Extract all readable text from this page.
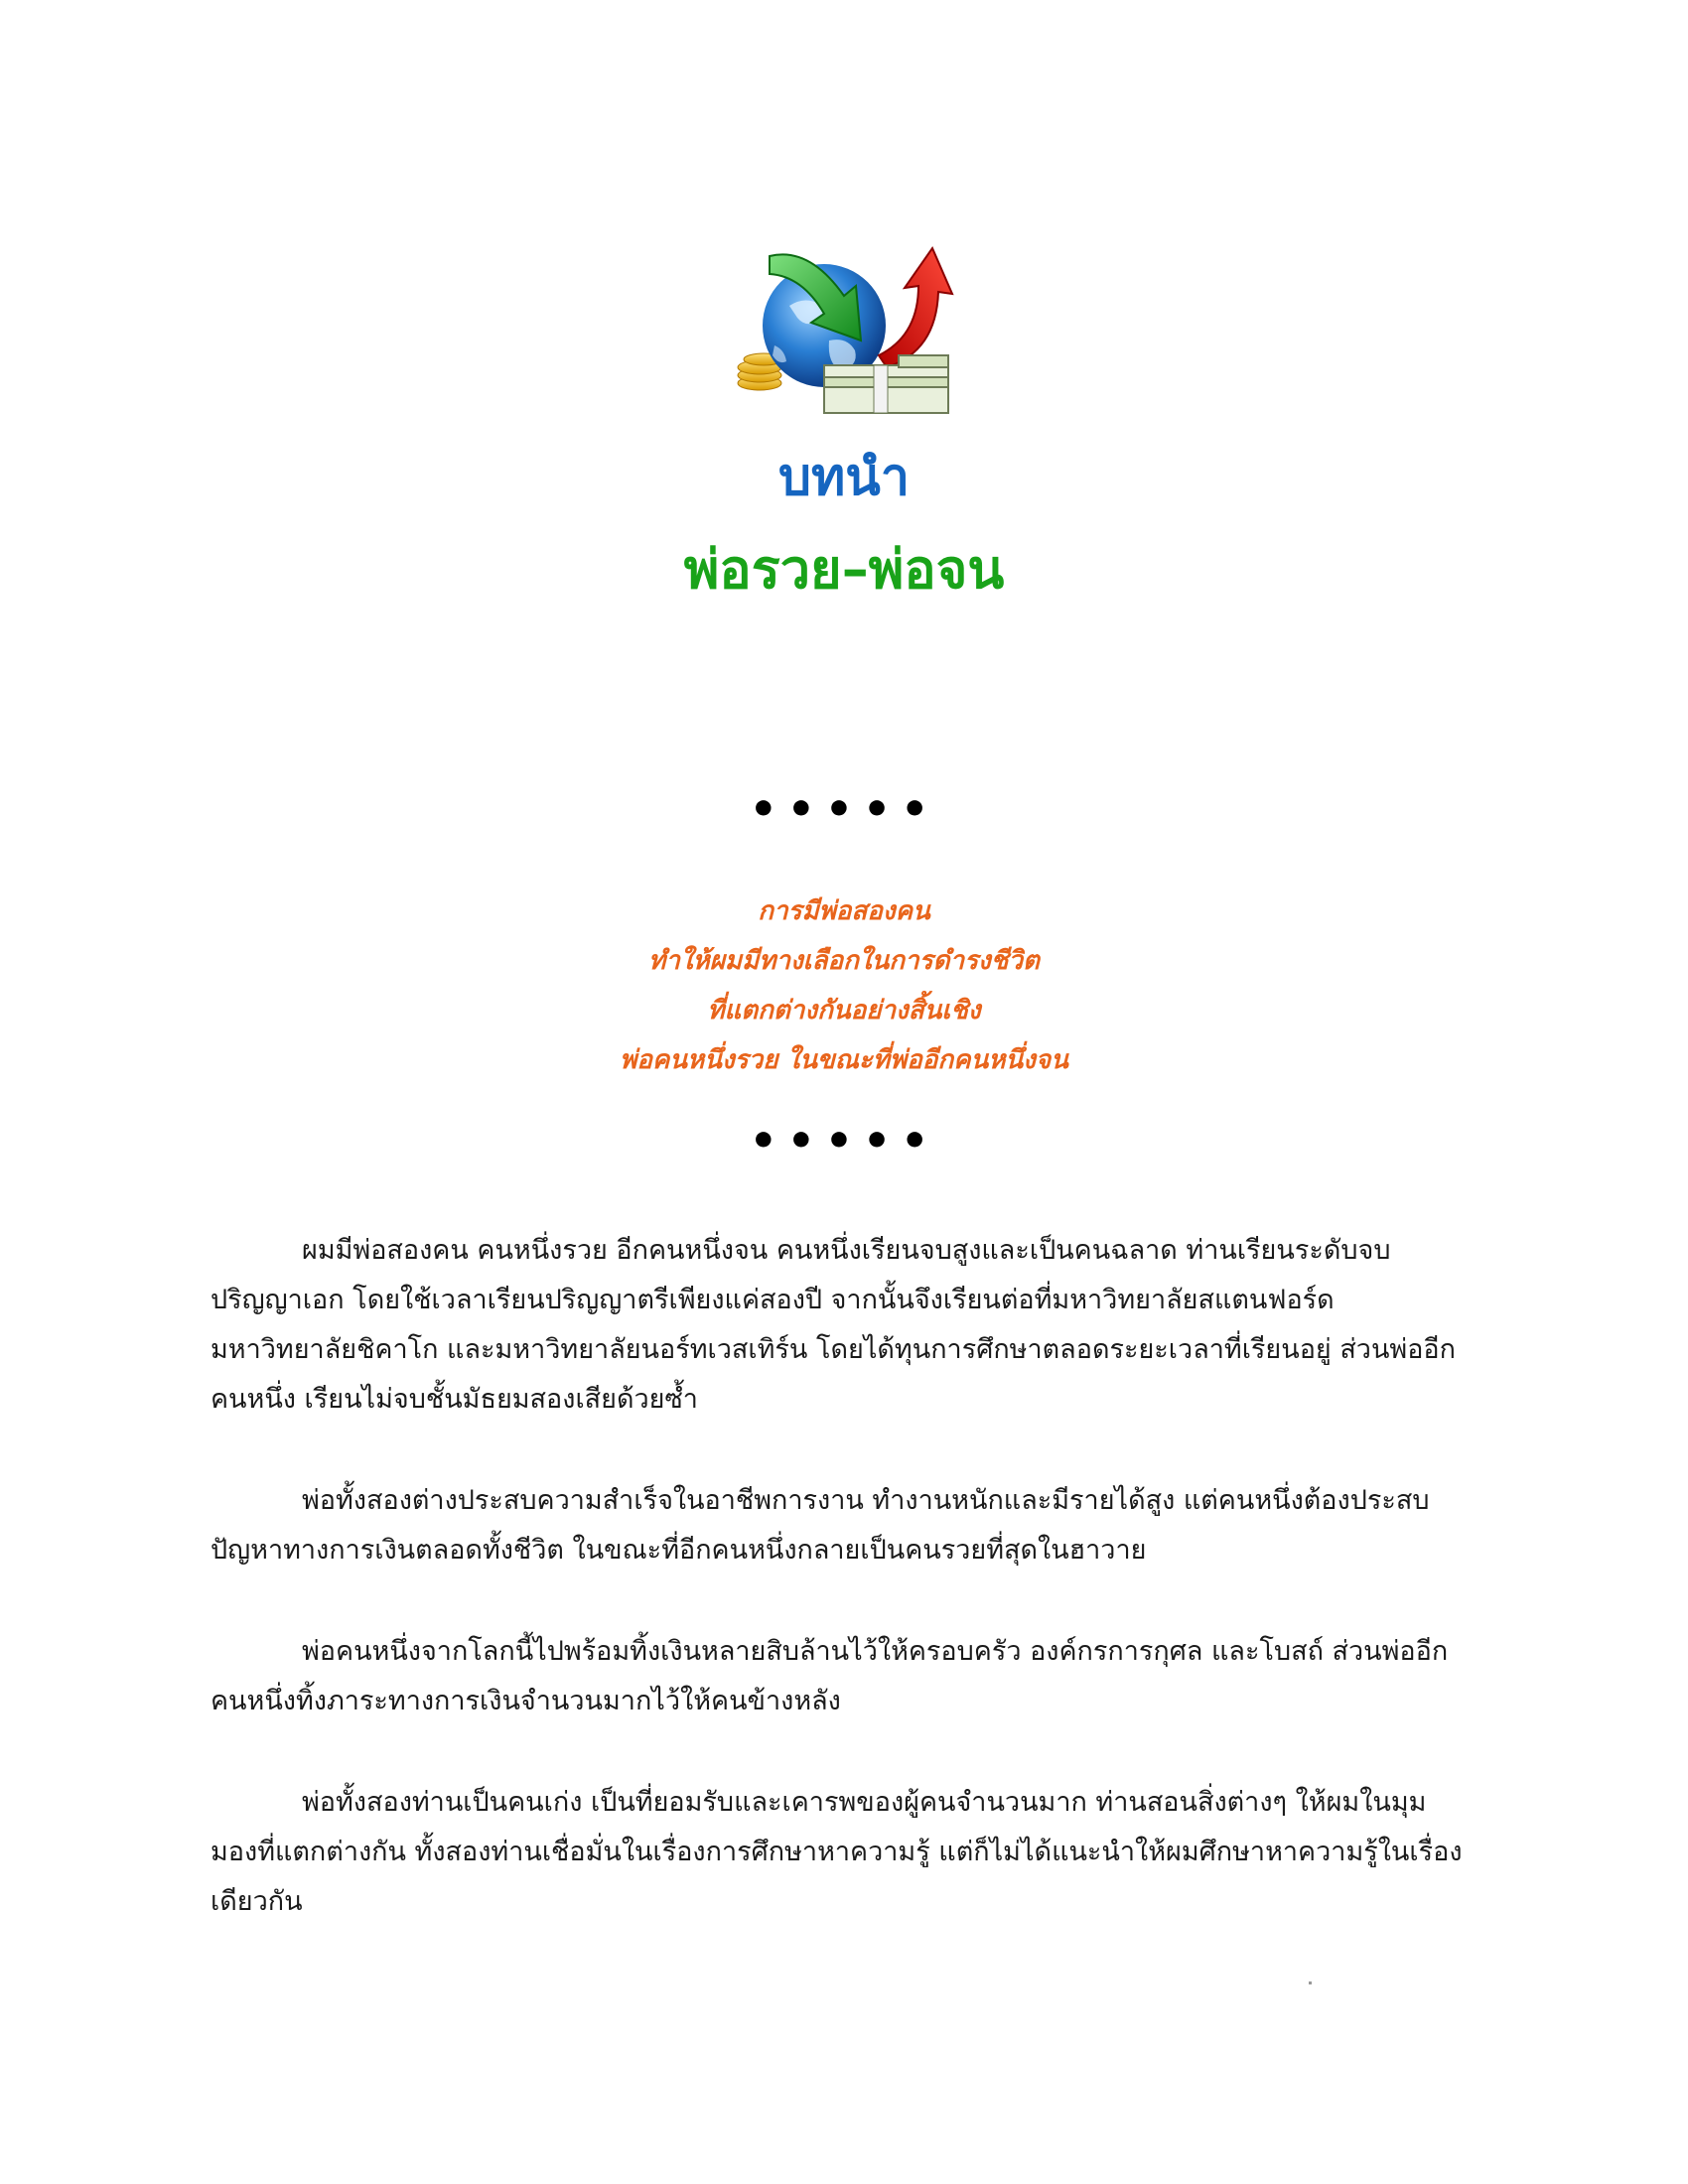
บทนำ
พ่อรวย–พ่อจน
•••••
การมีพ่อสองคน
ทำให้ผมมีทางเลือกในการดำรงชีวิต
ที่แตกต่างกันอย่างสิ้นเชิง
พ่อคนหนึ่งรวย ในขณะที่พ่ออีกคนหนึ่งจน
•••••

ผมมีพ่อสองคน คนหนึ่งรวย อีกคนหนึ่งจน คนหนึ่งเรียนจบสูงและเป็นคนฉลาด ท่านเรียนระดับจบปริญญาเอก โดยใช้เวลาเรียนปริญญาตรีเพียงแค่สองปี จากนั้นจึงเรียนต่อที่มหาวิทยาลัยสแตนฟอร์ด มหาวิทยาลัยชิคาโก และมหาวิทยาลัยนอร์ทเวสเทิร์น โดยได้ทุนการศึกษาตลอดระยะเวลาที่เรียนอยู่ ส่วนพ่ออีกคนหนึ่ง เรียนไม่จบชั้นมัธยมสองเสียด้วยซ้ำ

พ่อทั้งสองต่างประสบความสำเร็จในอาชีพการงาน ทำงานหนักและมีรายได้สูง แต่คนหนึ่งต้องประสบปัญหาทางการเงินตลอดทั้งชีวิต ในขณะที่อีกคนหนึ่งกลายเป็นคนรวยที่สุดในฮาวาย

พ่อคนหนึ่งจากโลกนี้ไปพร้อมทิ้งเงินหลายสิบล้านไว้ให้ครอบครัว องค์กรการกุศล และโบสถ์ ส่วนพ่ออีกคนหนึ่งทิ้งภาระทางการเงินจำนวนมากไว้ให้คนข้างหลัง

พ่อทั้งสองท่านเป็นคนเก่ง เป็นที่ยอมรับและเคารพของผู้คนจำนวนมาก ท่านสอนสิ่งต่างๆ ให้ผมในมุมมองที่แตกต่างกัน ทั้งสองท่านเชื่อมั่นในเรื่องการศึกษาหาความรู้ แต่ก็ไม่ได้แนะนำให้ผมศึกษาหาความรู้ในเรื่องเดียวกัน
